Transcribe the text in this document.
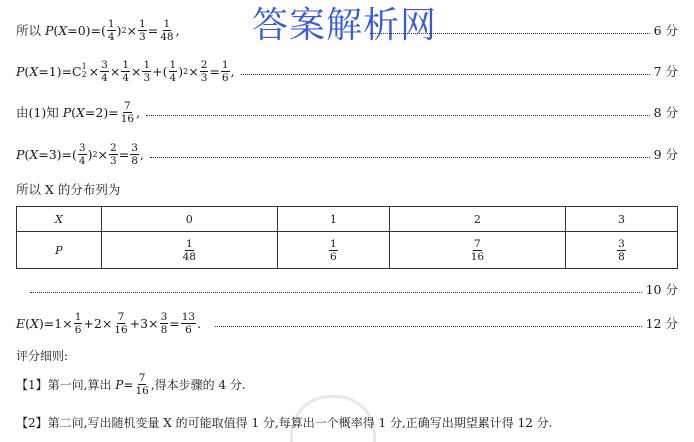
答案解析网
所以
P ( $X =0)=( \frac{1}{4}$ ) $2 \times \frac{1}{3} = \frac{1}{48}$ ,	6 分
P ( X =1)=C 1
$2 \times \frac{3}{4} \times \frac{1}{4} \times \frac{1}{3}$ +( $\frac{1}{4}$ ) $2 \times \frac{2}{3} = \frac{1}{6}$ ,	7 分
由(1)知
P ( $X =2)= \frac{7}{16}$ ,	8 分
P ( $X =3)=( \frac{3}{4}$ ) $2 \times \frac{2}{3} = \frac{3}{8}$ ,	9 分
所以 X 的分布列为
X	0	1	2	3
P	$\frac{1}{48}$	$\frac{1}{6}$	$\frac{7}{16}$	$\frac{3}{8}$
10 分
E ( X )$=1\times \frac{1}{6} +2\times \frac{7}{16} +3\times \frac{3}{8} = \frac{13}{6}$ .	12 分
评分细则:
【1】 第一问,算出
$P = \frac{7}{16}$ ,得本步骤的 4 分.
【2】第二问,写出随机变量 X 的可能取值得 1 分,每算出一个概率得 1 分,正确写出期望累计得 12 分.
